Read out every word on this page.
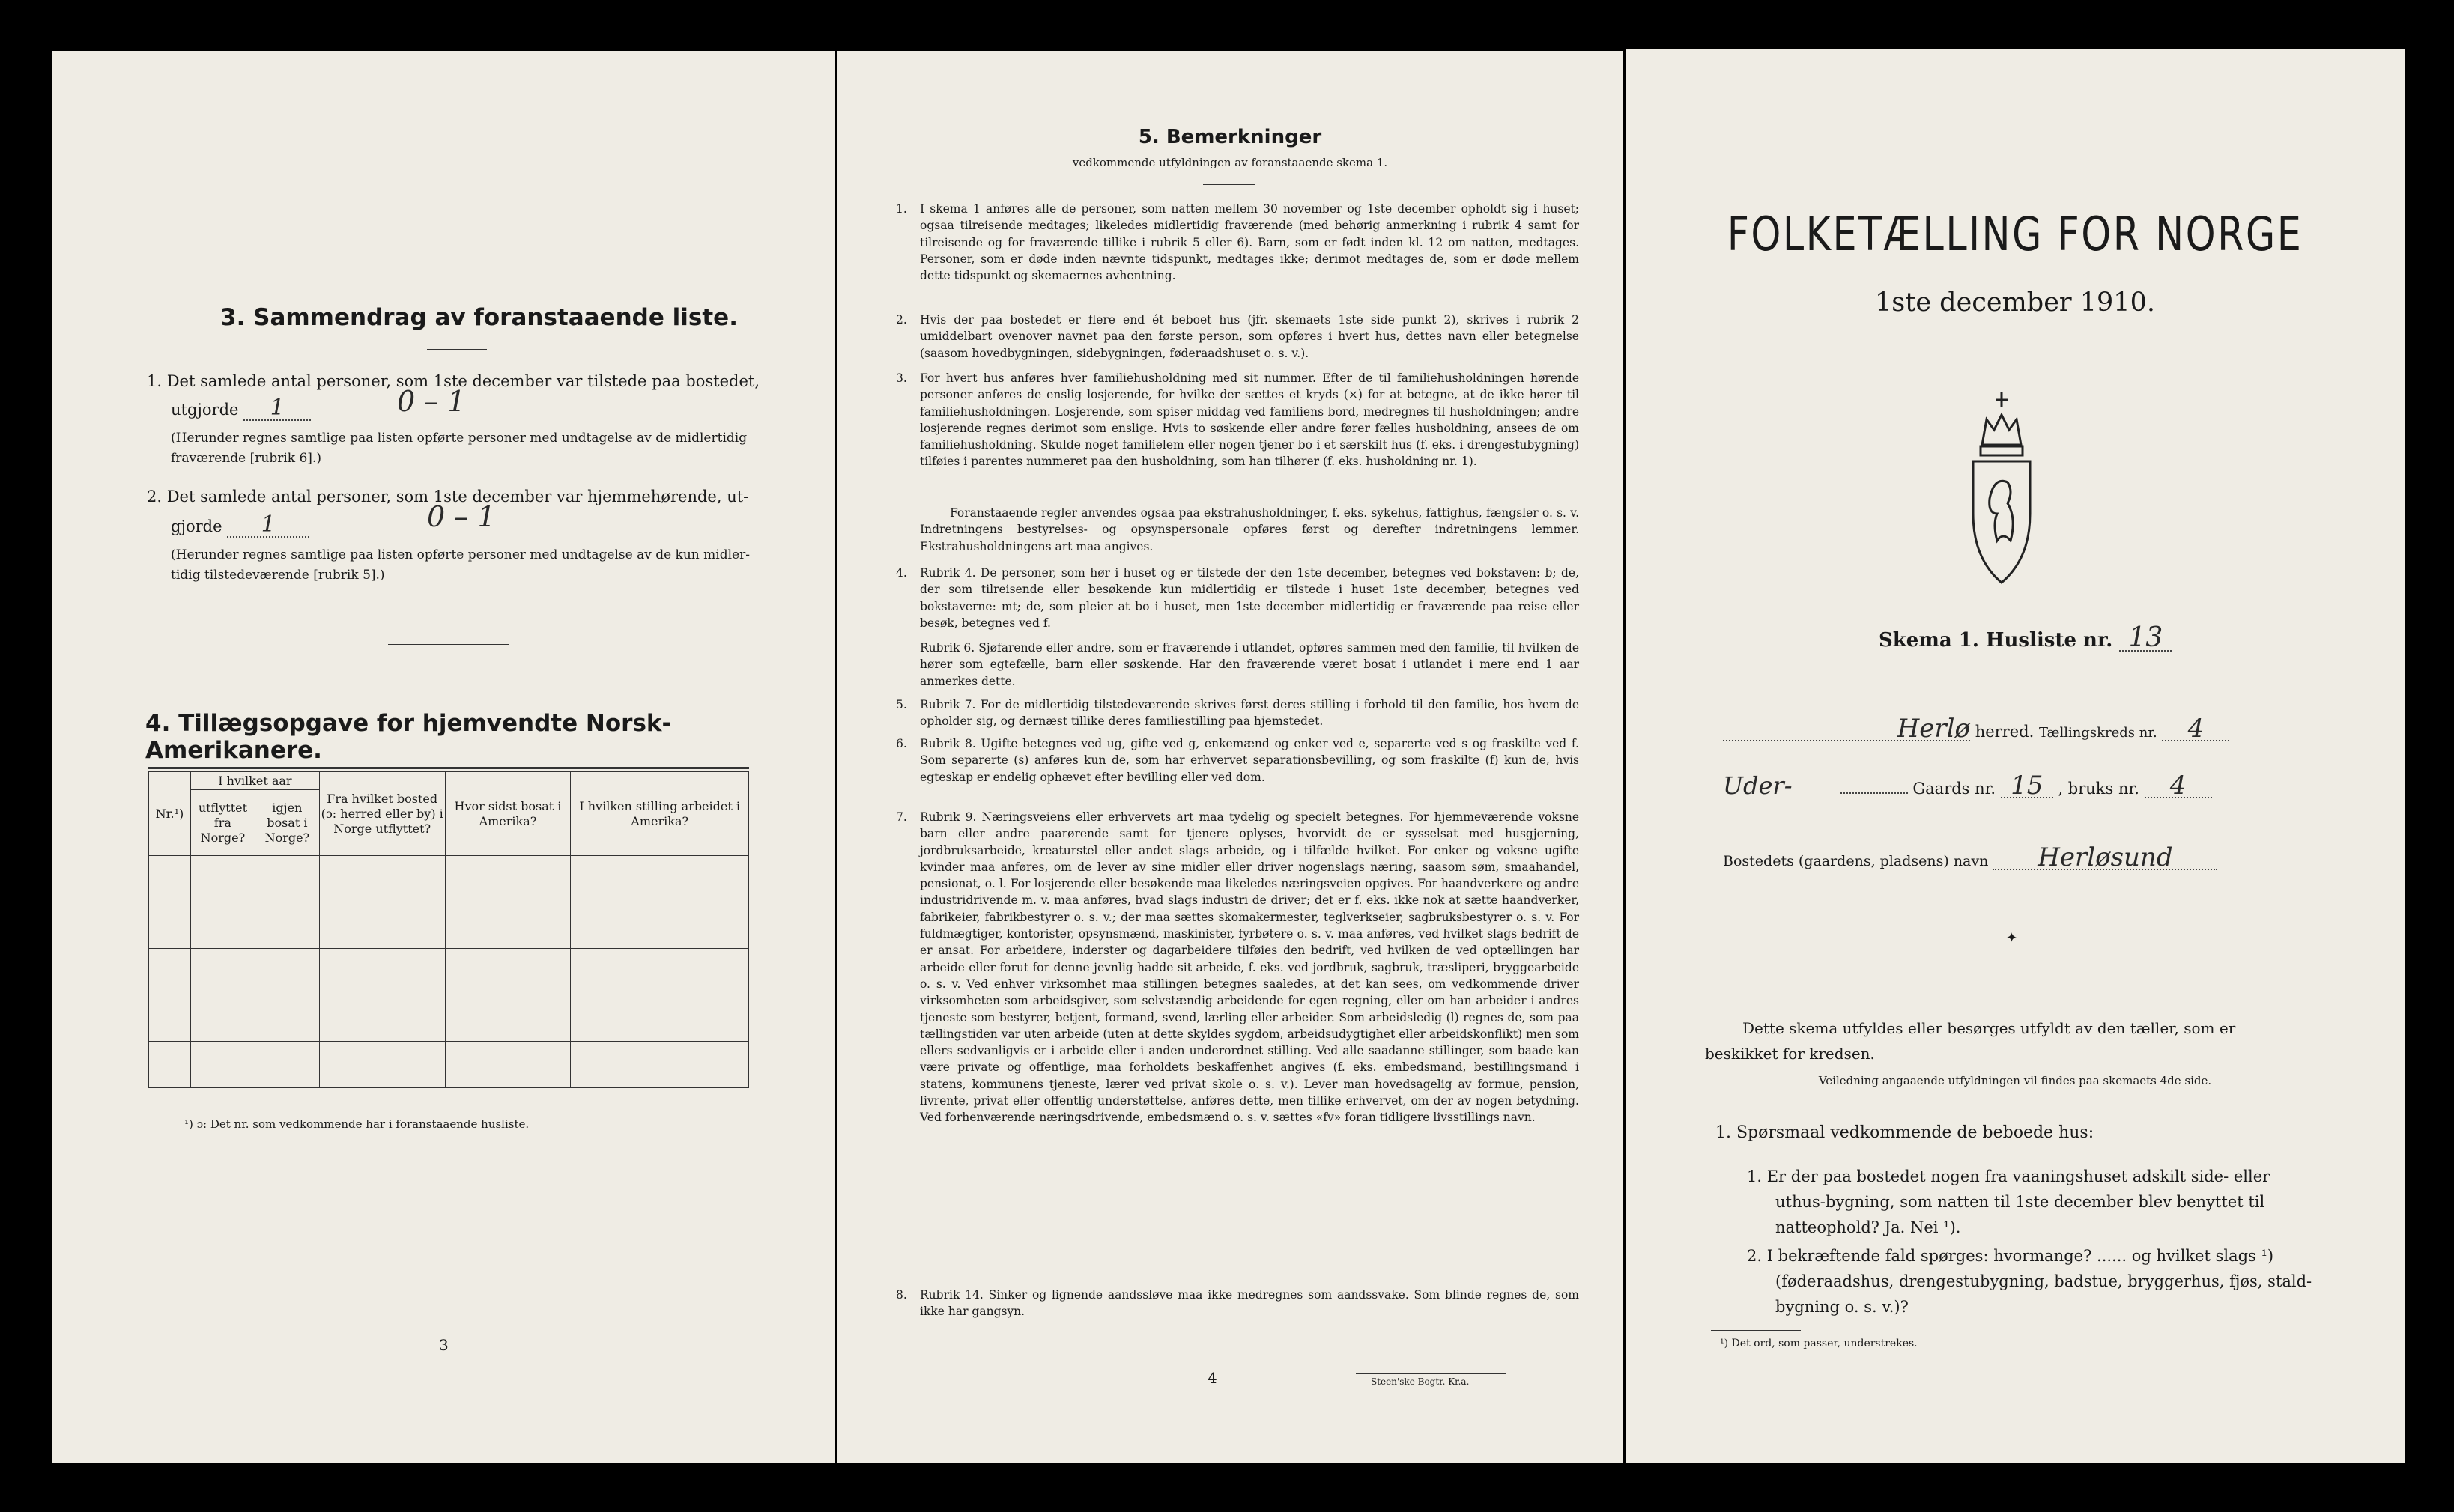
3. Sammendrag av foranstaaende liste.
1. Det samlede antal personer, som 1ste december var tilstede paa bostedet,
utgjorde 1	0 – 1
(Herunder regnes samtlige paa listen opførte personer med undtagelse av de midlertidig
fraværende [rubrik 6].)
2. Det samlede antal personer, som 1ste december var hjemmehørende, ut-
gjorde 1	0 – 1
(Herunder regnes samtlige paa listen opførte personer med undtagelse av de kun midler-
tidig tilstedeværende [rubrik 5].)
4. Tillægsopgave for hjemvendte Norsk-Amerikanere.
Nr.¹)	I hvilket aar		Fra hvilket bosted (ɔ: herred eller by) i Norge utflyttet?	Hvor sidst bosat i Amerika?	I hvilken stilling arbeidet i Amerika?
	utflyttet fra Norge?	igjen bosat i Norge?			

¹) ɔ: Det nr. som vedkommende har i foranstaaende husliste.
3
5. Bemerkninger
vedkommende utfyldningen av foranstaaende skema 1.
1. I skema 1 anføres alle de personer, som natten mellem 30 november og 1ste december opholdt sig i huset; ogsaa tilreisende medtages; likeledes midlertidig fraværende (med behørig anmerkning i rubrik 4 samt for tilreisende og for fraværende tillike i rubrik 5 eller 6). Barn, som er født inden kl. 12 om natten, medtages. Personer, som er døde inden nævnte tidspunkt, medtages ikke; derimot medtages de, som er døde mellem dette tidspunkt og skemaernes avhentning.
2. Hvis der paa bostedet er flere end ét beboet hus (jfr. skemaets 1ste side punkt 2), skrives i rubrik 2 umiddelbart ovenover navnet paa den første person, som opføres i hvert hus, dettes navn eller betegnelse (saasom hovedbygningen, sidebygningen, føderaadshuset o. s. v.).
3. For hvert hus anføres hver familiehusholdning med sit nummer. Efter de til familiehusholdningen hørende personer anføres de enslig losjerende, for hvilke der sættes et kryds (×) for at betegne, at de ikke hører til familiehusholdningen. Losjerende, som spiser middag ved familiens bord, medregnes til husholdningen; andre losjerende regnes derimot som enslige. Hvis to søskende eller andre fører fælles husholdning, ansees de om familiehusholdning. Skulde noget familielem eller nogen tjener bo i et særskilt hus (f. eks. i drengestubygning) tilføies i parentes nummeret paa den husholdning, som han tilhører (f. eks. husholdning nr. 1).
Foranstaaende regler anvendes ogsaa paa ekstrahusholdninger, f. eks. sykehus, fattighus, fængsler o. s. v. Indretningens bestyrelses- og opsynspersonale opføres først og derefter indretningens lemmer. Ekstrahusholdningens art maa angives.
4. Rubrik 4. De personer, som hør i huset og er tilstede der den 1ste december, betegnes ved bokstaven: b; de, der som tilreisende eller besøkende kun midlertidig er tilstede i huset 1ste december, betegnes ved bokstaverne: mt; de, som pleier at bo i huset, men 1ste december midlertidig er fraværende paa reise eller besøk, betegnes ved f.
Rubrik 6. Sjøfarende eller andre, som er fraværende i utlandet, opføres sammen med den familie, til hvilken de hører som egtefælle, barn eller søskende. Har den fraværende været bosat i utlandet i mere end 1 aar anmerkes dette.
5. Rubrik 7. For de midlertidig tilstedeværende skrives først deres stilling i forhold til den familie, hos hvem de opholder sig, og dernæst tillike deres familiestilling paa hjemstedet.
6. Rubrik 8. Ugifte betegnes ved ug, gifte ved g, enkemænd og enker ved e, separerte ved s og fraskilte ved f. Som separerte (s) anføres kun de, som har erhvervet separationsbevilling, og som fraskilte (f) kun de, hvis egteskap er endelig ophævet efter bevilling eller ved dom.
7. Rubrik 9. Næringsveiens eller erhvervets art maa tydelig og specielt betegnes. For hjemmeværende voksne barn eller andre paarørende samt for tjenere oplyses, hvorvidt de er sysselsat med husgjerning, jordbruksarbeide, kreaturstel eller andet slags arbeide, og i tilfælde hvilket. For enker og voksne ugifte kvinder maa anføres, om de lever av sine midler eller driver nogenslags næring, saasom søm, smaahandel, pensionat, o. l. For losjerende eller besøkende maa likeledes næringsveien opgives. For haandverkere og andre industridrivende m. v. maa anføres, hvad slags industri de driver; det er f. eks. ikke nok at sætte haandverker, fabrikeier, fabrikbestyrer o. s. v.; der maa sættes skomakermester, teglverkseier, sagbruksbestyrer o. s. v. For fuldmægtiger, kontorister, opsynsmænd, maskinister, fyrbøtere o. s. v. maa anføres, ved hvilket slags bedrift de er ansat. For arbeidere, inderster og dagarbeidere tilføies den bedrift, ved hvilken de ved optællingen har arbeide eller forut for denne jevnlig hadde sit arbeide, f. eks. ved jordbruk, sagbruk, træsliperi, bryggearbeide o. s. v. Ved enhver virksomhet maa stillingen betegnes saaledes, at det kan sees, om vedkommende driver virksomheten som arbeidsgiver, som selvstændig arbeidende for egen regning, eller om han arbeider i andres tjeneste som bestyrer, betjent, formand, svend, lærling eller arbeider. Som arbeidsledig (l) regnes de, som paa tællingstiden var uten arbeide (uten at dette skyldes sygdom, arbeidsudygtighet eller arbeidskonflikt) men som ellers sedvanligvis er i arbeide eller i anden underordnet stilling. Ved alle saadanne stillinger, som baade kan være private og offentlige, maa forholdets beskaffenhet angives (f. eks. embedsmand, bestillingsmand i statens, kommunens tjeneste, lærer ved privat skole o. s. v.). Lever man hovedsagelig av formue, pension, livrente, privat eller offentlig understøttelse, anføres dette, men tillike erhvervet, om der av nogen betydning. Ved forhenværende næringsdrivende, embedsmænd o. s. v. sættes «fv» foran tidligere livsstillings navn.
8. Rubrik 14. Sinker og lignende aandssløve maa ikke medregnes som aandssvake. Som blinde regnes de, som ikke har gangsyn.
4	Steen'ske Bogtr. Kr.a.
FOLKETÆLLING FOR NORGE
1ste december 1910.
Skema 1. Husliste nr. 13
Herlø herred. Tællingskreds nr. 4
Uder-	Gaards nr. 15 , bruks nr. 4
Bostedets (gaardens, pladsens) navn Herløsund
✦
Dette skema utfyldes eller besørges utfyldt av den tæller, som er
beskikket for kredsen.
Veiledning angaaende utfyldningen vil findes paa skemaets 4de side.
1. Spørsmaal vedkommende de beboede hus:
1. Er der paa bostedet nogen fra vaaningshuset adskilt side- eller
uthus-bygning, som natten til 1ste december blev benyttet til
natteophold? Ja. Nei ¹).
2. I bekræftende fald spørges: hvormange? ...... og hvilket slags ¹)
(føderaadshus, drengestubygning, badstue, bryggerhus, fjøs, stald-
bygning o. s. v.)?
¹) Det ord, som passer, understrekes.
